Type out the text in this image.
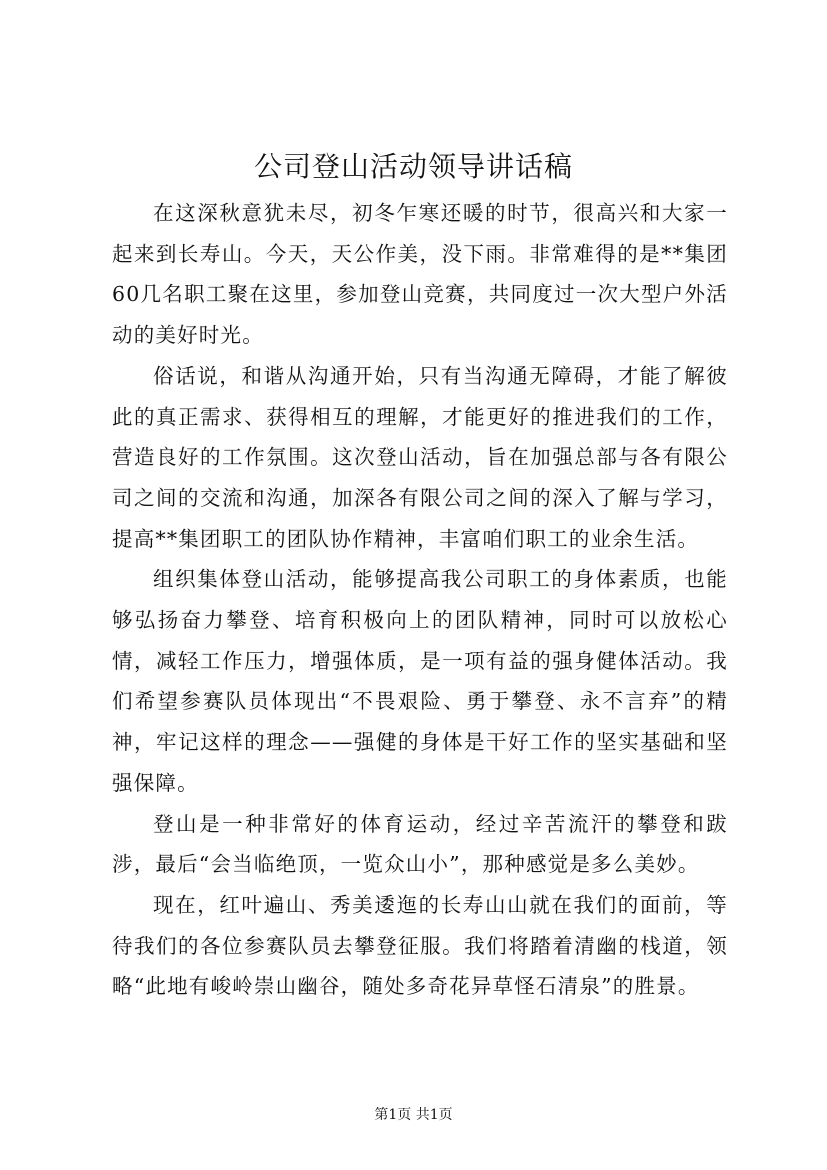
公司登山活动领导讲话稿

在这深秋意犹未尽，初冬乍寒还暖的时节，很高兴和大家一起来到长寿山。今天，天公作美，没下雨。非常难得的是**集团60几名职工聚在这里，参加登山竞赛，共同度过一次大型户外活动的美好时光。

俗话说，和谐从沟通开始，只有当沟通无障碍，才能了解彼此的真正需求、获得相互的理解，才能更好的推进我们的工作，营造良好的工作氛围。这次登山活动，旨在加强总部与各有限公司之间的交流和沟通，加深各有限公司之间的深入了解与学习，提高**集团职工的团队协作精神，丰富咱们职工的业余生活。

组织集体登山活动，能够提高我公司职工的身体素质，也能够弘扬奋力攀登、培育积极向上的团队精神，同时可以放松心情，减轻工作压力，增强体质，是一项有益的强身健体活动。我们希望参赛队员体现出“不畏艰险、勇于攀登、永不言弃”的精神，牢记这样的理念——强健的身体是干好工作的坚实基础和坚强保障。

登山是一种非常好的体育运动，经过辛苦流汗的攀登和跋涉，最后“会当临绝顶，一览众山小”，那种感觉是多么美妙。

现在，红叶遍山、秀美逶迤的长寿山山就在我们的面前，等待我们的各位参赛队员去攀登征服。我们将踏着清幽的栈道，领略“此地有峻岭崇山幽谷，随处多奇花异草怪石清泉”的胜景。

第1页 共1页
